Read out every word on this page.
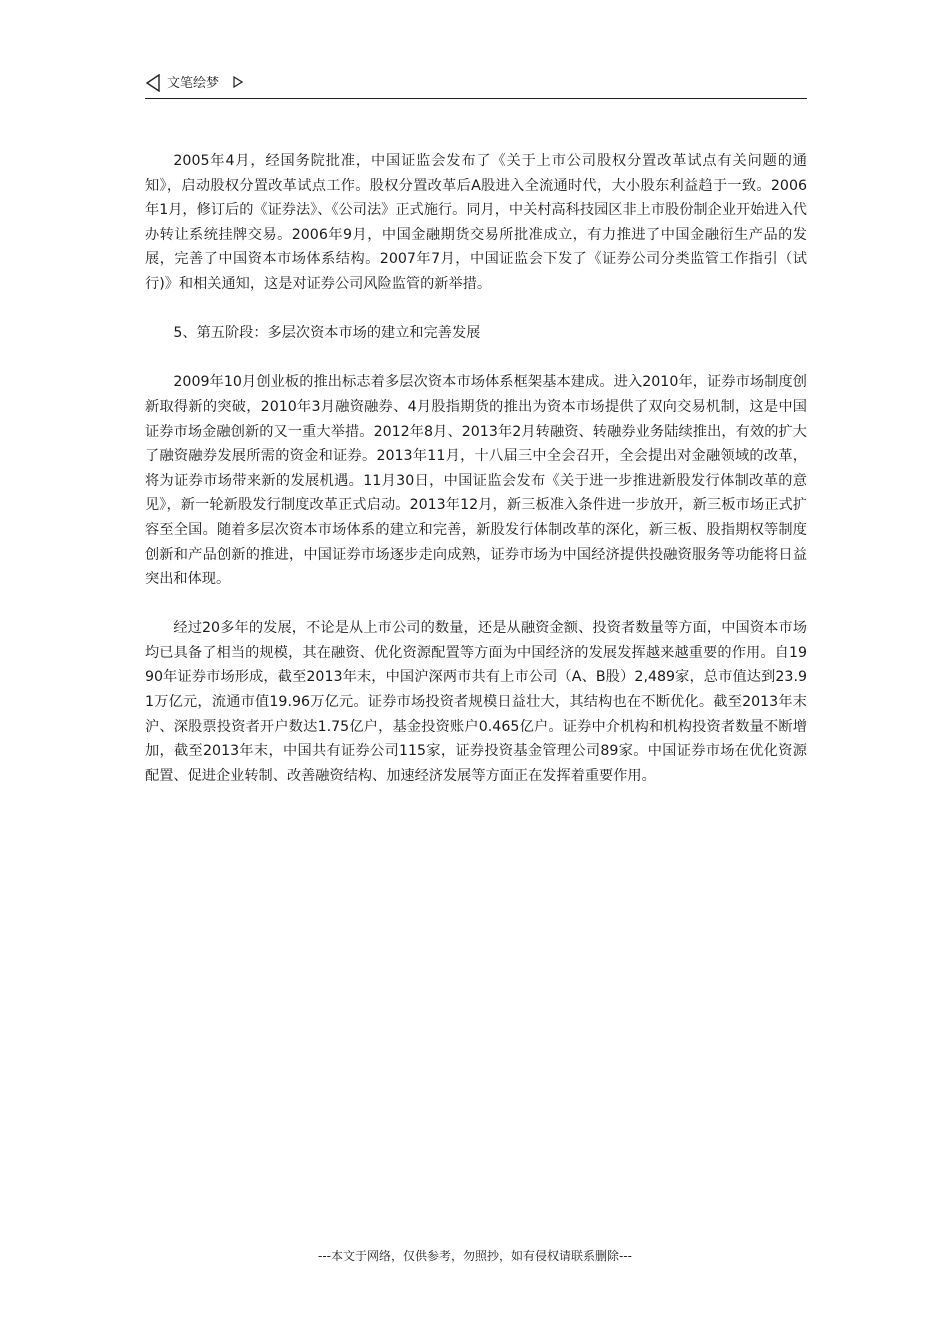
文笔绘梦

2005年4月，经国务院批准，中国证监会发布了《关于上市公司股权分置改革试点有关问题的通知》，启动股权分置改革试点工作。股权分置改革后A股进入全流通时代，大小股东利益趋于一致。2006年1月，修订后的《证券法》、《公司法》正式施行。同月，中关村高科技园区非上市股份制企业开始进入代办转让系统挂牌交易。2006年9月，中国金融期货交易所批准成立，有力推进了中国金融衍生产品的发展，完善了中国资本市场体系结构。2007年7月，中国证监会下发了《证券公司分类监管工作指引（试行)》和相关通知，这是对证券公司风险监管的新举措。

5、第五阶段：多层次资本市场的建立和完善发展

2009年10月创业板的推出标志着多层次资本市场体系框架基本建成。进入2010年，证券市场制度创新取得新的突破，2010年3月融资融券、4月股指期货的推出为资本市场提供了双向交易机制，这是中国证券市场金融创新的又一重大举措。2012年8月、2013年2月转融资、转融券业务陆续推出，有效的扩大了融资融券发展所需的资金和证券。2013年11月，十八届三中全会召开，全会提出对金融领域的改革，将为证券市场带来新的发展机遇。11月30日，中国证监会发布《关于进一步推进新股发行体制改革的意见》，新一轮新股发行制度改革正式启动。2013年12月，新三板准入条件进一步放开，新三板市场正式扩容至全国。随着多层次资本市场体系的建立和完善，新股发行体制改革的深化，新三板、股指期权等制度创新和产品创新的推进，中国证券市场逐步走向成熟，证券市场为中国经济提供投融资服务等功能将日益突出和体现。

经过20多年的发展，不论是从上市公司的数量，还是从融资金额、投资者数量等方面，中国资本市场均已具备了相当的规模，其在融资、优化资源配置等方面为中国经济的发展发挥越来越重要的作用。自1990年证券市场形成，截至2013年末，中国沪深两市共有上市公司（A、B股）2,489家，总市值达到23.91万亿元，流通市值19.96万亿元。证券市场投资者规模日益壮大，其结构也在不断优化。截至2013年末沪、深股票投资者开户数达1.75亿户，基金投资账户0.465亿户。证券中介机构和机构投资者数量不断增加，截至2013年末，中国共有证券公司115家，证券投资基金管理公司89家。中国证券市场在优化资源配置、促进企业转制、改善融资结构、加速经济发展等方面正在发挥着重要作用。

---本文于网络，仅供参考，勿照抄，如有侵权请联系删除---
